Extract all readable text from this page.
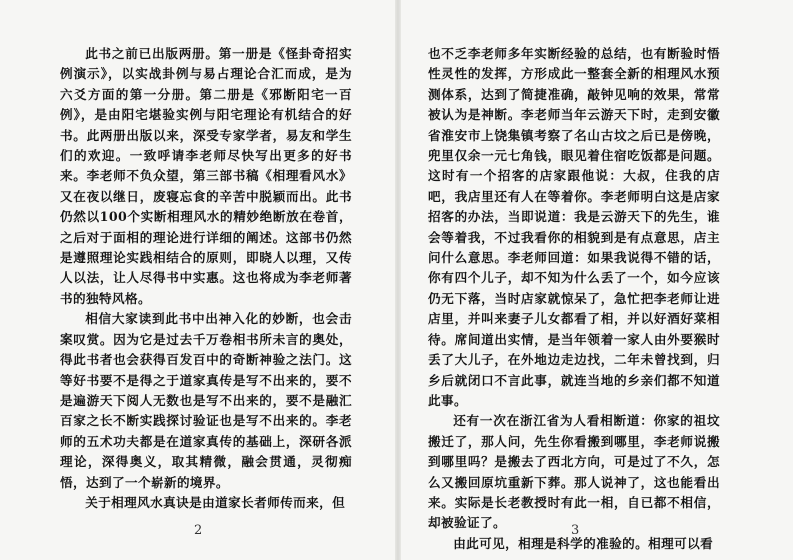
此书之前已出版两册。第一册是《怪卦奇招实例演示》，以实战卦例与易占理论合汇而成，是为六爻方面的第一分册。第二册是《邪断阳宅一百例》，是由阳宅堪验实例与阳宅理论有机结合的好书。此两册出版以来，深受专家学者，易友和学生们的欢迎。一致呼请李老师尽快写出更多的好书来。李老师不负众望，第三部书稿《相理看风水》又在夜以继日，废寝忘食的辛苦中脱颖而出。此书仍然以100个实断相理风水的精妙绝断放在卷首，之后对于面相的理论进行详细的阐述。这部书仍然是遵照理论实践相结合的原则，即晓人以理，又传人以法，让人尽得书中实惠。这也将成为李老师著书的独特风格。

相信大家读到此书中出神入化的妙断，也会击案叹赏。因为它是过去千万卷相书所未言的奥处，得此书者也会获得百发百中的奇断神验之法门。这等好书要不是得之于道家真传是写不出来的，要不是遍游天下阅人无数也是写不出来的，要不是融汇百家之长不断实践探讨验证也是写不出来的。李老师的五术功夫都是在道家真传的基础上，深研各派理论，深得奥义，取其精微，融会贯通，灵彻痴悟，达到了一个崭新的境界。

关于相理风水真诀是由道家长者师传而来，但

也不乏李老师多年实断经验的总结，也有断验时悟性灵性的发挥，方形成此一整套全新的相理风水预测体系，达到了简捷准确，敲钟见响的效果，常常被认为是神断。李老师当年云游天下时，走到安徽省淮安市上饶集镇考察了名山古坟之后已是傍晚，兜里仅余一元七角钱，眼见着住宿吃饭都是问题。这时有一个招客的店家跟他说：大叔，住我的店吧，我店里还有人在等着你。李老师明白这是店家招客的办法，当即说道：我是云游天下的先生，谁会等着我，不过我看你的相貌到是有点意思，店主问什么意思。李老师回道：如果我说得不错的话，你有四个儿子，却不知为什么丢了一个，如今应该仍无下落，当时店家就惊呆了，急忙把李老师让进店里，并叫来妻子儿女都看了相，并以好酒好菜相待。席间道出实情，是当年领着一家人由外要猴时丢了大儿子，在外地边走边找，二年未曾找到，归乡后就闭口不言此事，就连当地的乡亲们都不知道此事。

还有一次在浙江省为人看相断道：你家的祖坟搬迁了，那人问，先生你看搬到哪里，李老师说搬到哪里吗？是搬去了西北方向，可是过了不久，怎么又搬回原坑重新下葬。那人说神了，这也能看出来。实际是长老教授时有此一相，自已都不相信，却被验证了。

由此可见，相理是科学的准验的。相理可以看

2	3
